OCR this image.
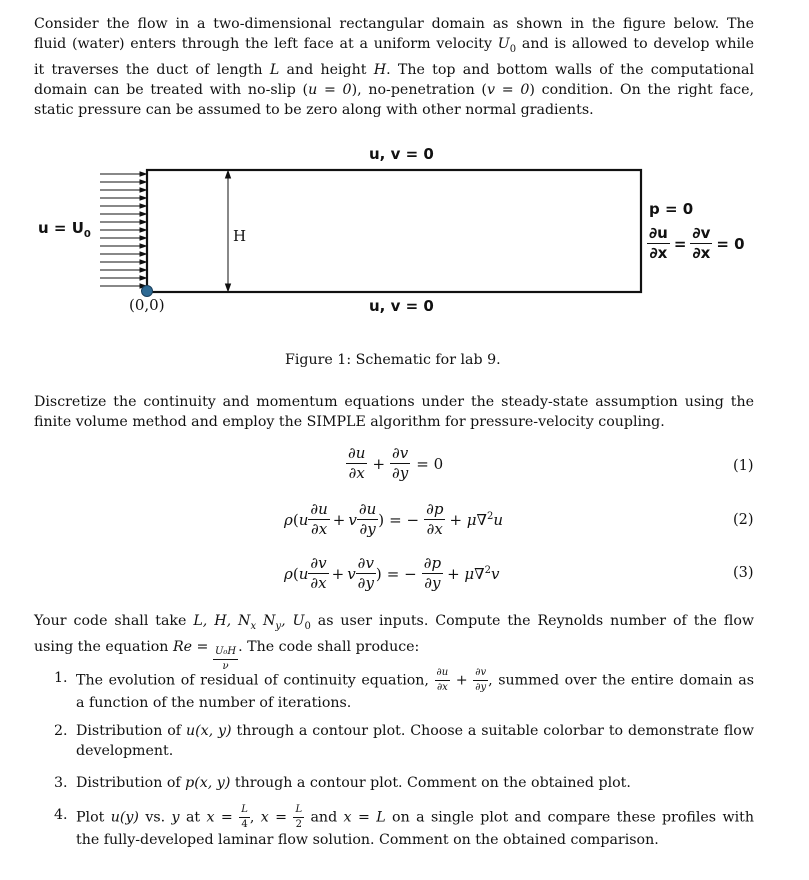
Consider the flow in a two-dimensional rectangular domain as shown in the figure below. The
fluid (water) enters through the left face at a uniform velocity $U_0$ and is allowed to develop while
it traverses the duct of length L and height H. The top and bottom walls of the computational
domain can be treated with no-slip (u = 0), no-penetration (v = 0) condition. On the right face,
static pressure can be assumed to be zero along with other normal gradients.
u, v = 0
u, v = 0
$u = U_0$	H
(0,0)
p = 0
$\frac{\partial u}{\partial x} = \frac{\partial v}{\partial x} = 0$
Figure 1: Schematic for lab 9.
Discretize the continuity and momentum equations under the steady-state assumption using the
finite volume method and employ the SIMPLE algorithm for pressure-velocity coupling.
$\frac{\partial u}{\partial x} + \frac{\partial v}{\partial y} = 0$	(1)
$\rho(u \frac{\partial u}{\partial x} + v \frac{\partial u}{\partial y}$ ) = − $\frac{\partial p}{\partial x} + \mu\nabla^2u$	(2)
$\rho(u \frac{\partial v}{\partial x} + v \frac{\partial v}{\partial y}$ ) = − $\frac{\partial p}{\partial y} + \mu\nabla^2v$	(3)
Your code shall take L, H, $N_x$ $N_y$, $U_0$ as user inputs. Compute the Reynolds number of the flow
using the equation $Re = \frac{\text{U₀H}}{\nu}$ . The code shall produce:
1. The evolution of residual of continuity equation, $\frac{\partial u}{\partial x} + \frac{\partial v}{\partial y}$ , summed over the entire domain as
a function of the number of iterations.
2. Distribution of u(x, y) through a contour plot. Choose a suitable colorbar to demonstrate flow
development.
3. Distribution of p(x, y) through a contour plot. Comment on the obtained plot.
4. Plot u(y) vs. y at $x = \frac{L}{4}$ , $x = \frac{L}{2}$ and x = L on a single plot and compare these profiles with
the fully-developed laminar flow solution. Comment on the obtained comparison.
